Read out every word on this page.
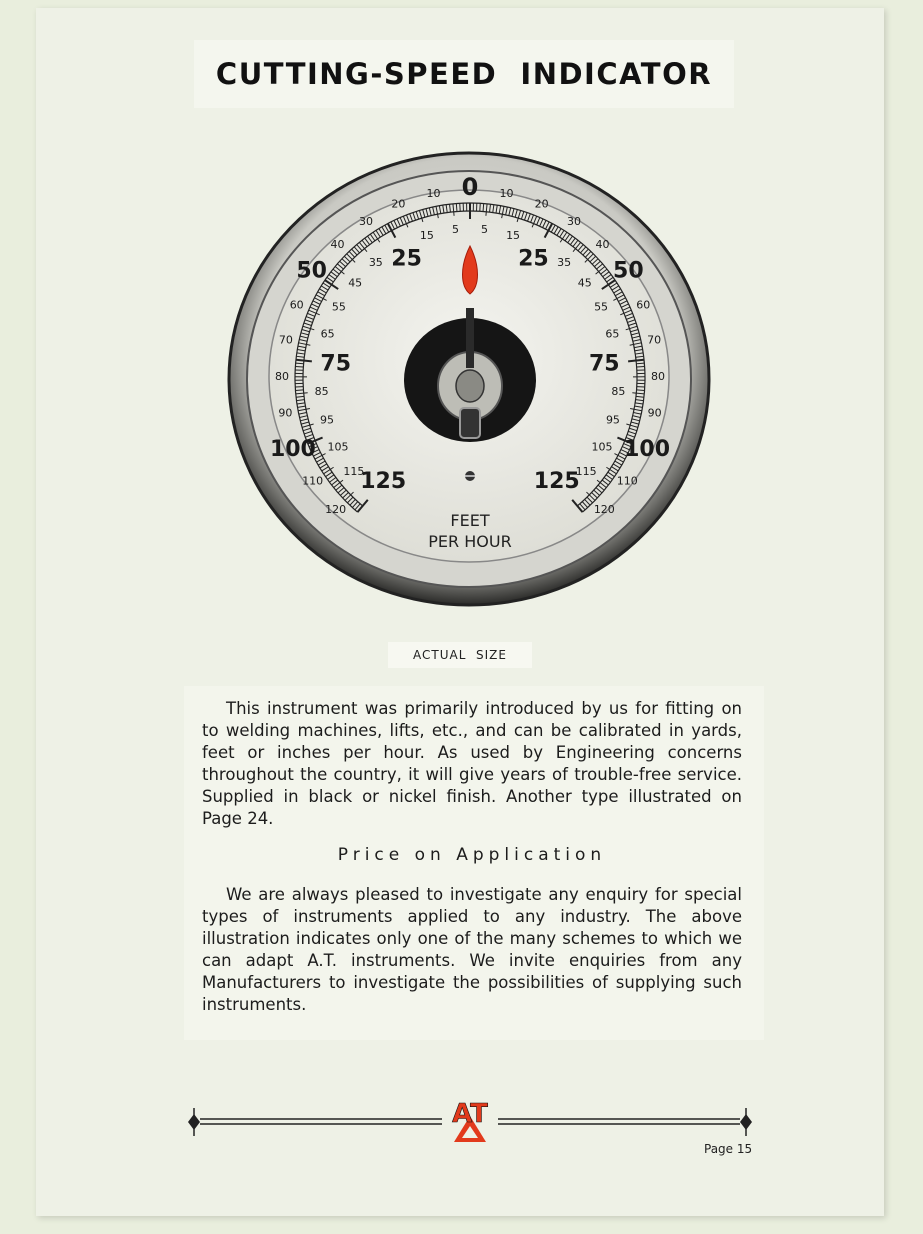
CUTTING-SPEED  INDICATOR
10
20
30
40
60
70
80
90
110
120
5
15
35
45
55
65
85
95
105
115
25
50
75
100
125
10
20
30
40
60
70
80
90
110
120
5 15
35
45
55
65
85
95
105
115
25	50
75
100
125
0
FEET
PER HOUR
ACTUAL  SIZE

This instrument was primarily introduced by us for fitting on to welding machines, lifts, etc., and can be calibrated in yards, feet or inches per hour. As used by Engineering concerns throughout the country, it will give years of trouble-free service. Supplied in black or nickel finish. Another type illustrated on Page 24.

Price on Application

We are always pleased to investigate any enquiry for special types of instruments applied to any industry. The above illustration indicates only one of the many schemes to which we can adapt A.T. instruments. We invite enquiries from any Manufacturers to investigate the possibilities of supplying such instruments.

AT
Page 15
